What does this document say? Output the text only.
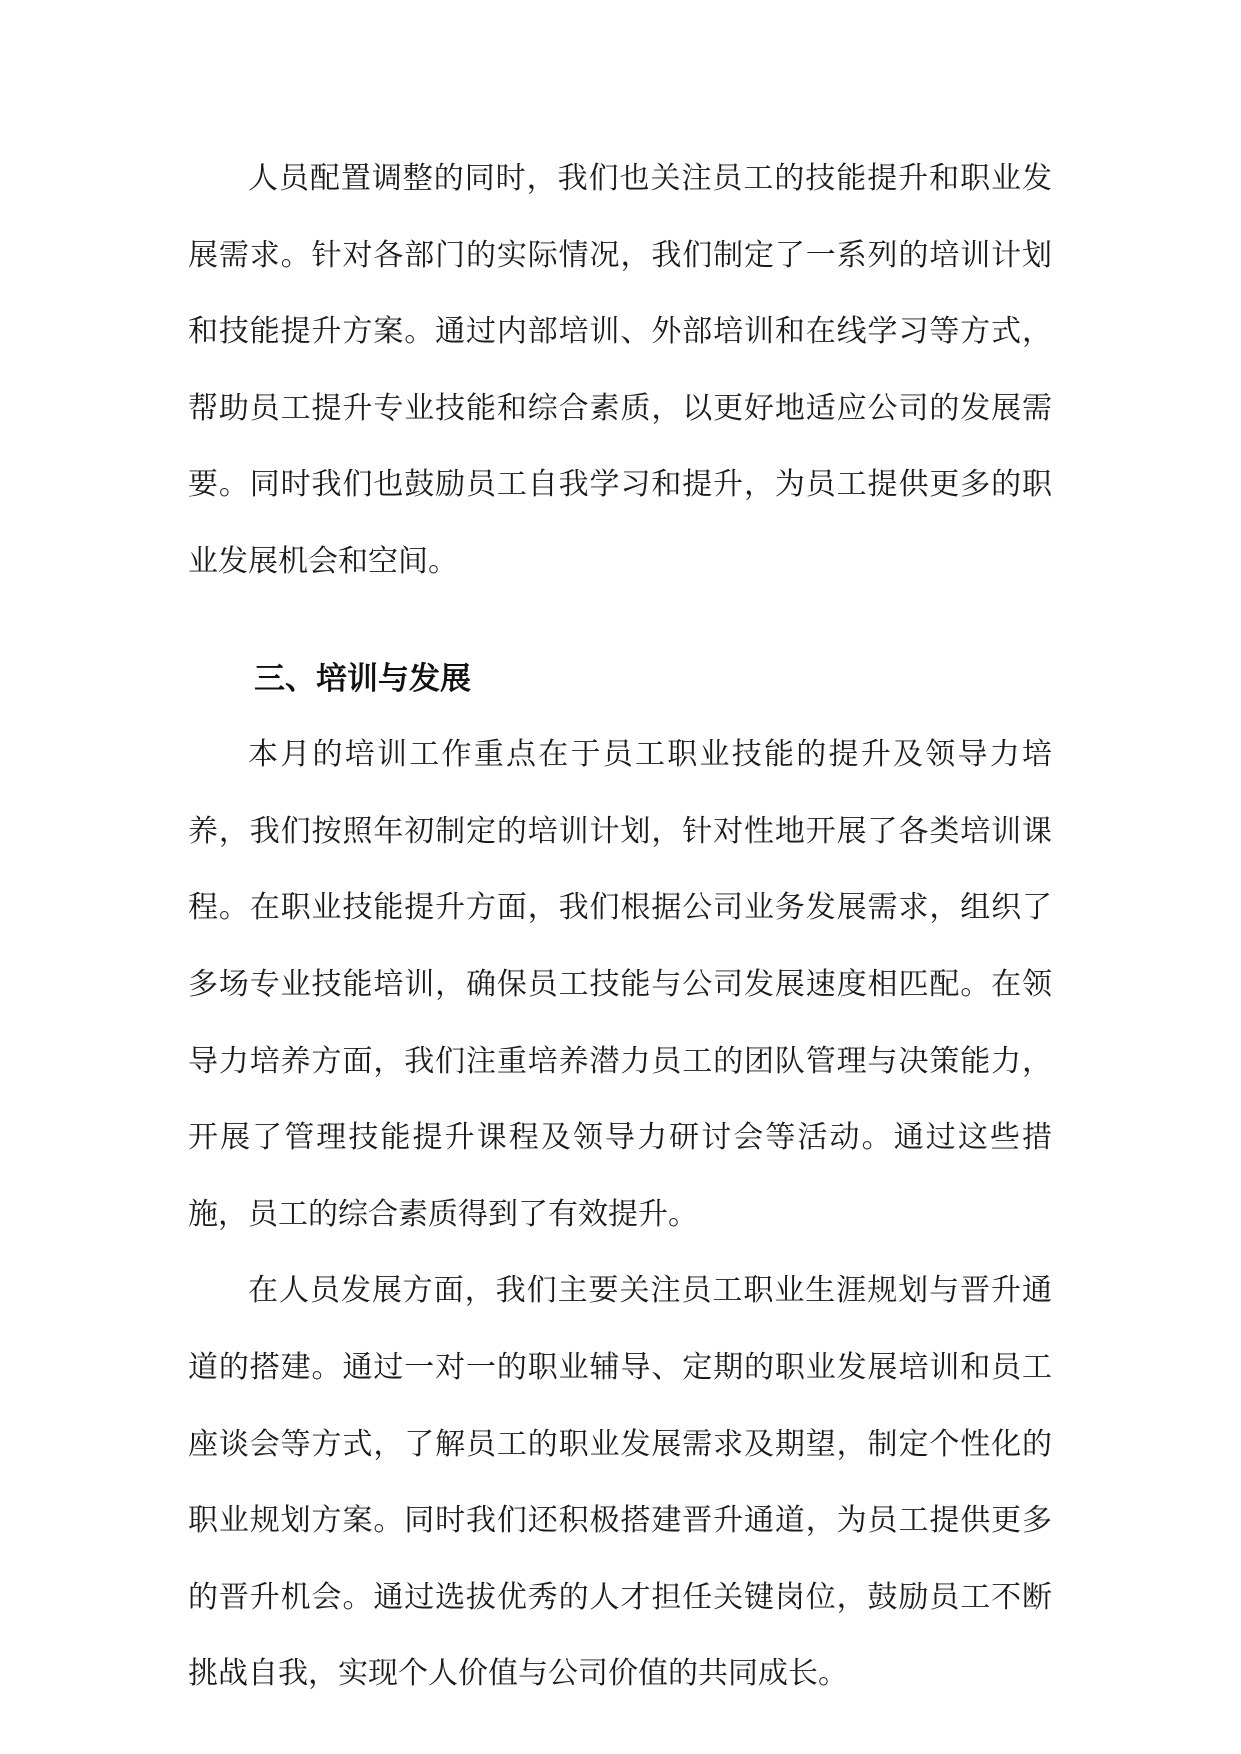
人员配置调整的同时，我们也关注员工的技能提升和职业发展需求。针对各部门的实际情况，我们制定了一系列的培训计划和技能提升方案。通过内部培训、外部培训和在线学习等方式，帮助员工提升专业技能和综合素质，以更好地适应公司的发展需要。同时我们也鼓励员工自我学习和提升，为员工提供更多的职业发展机会和空间。

三、培训与发展

本月的培训工作重点在于员工职业技能的提升及领导力培养，我们按照年初制定的培训计划，针对性地开展了各类培训课程。在职业技能提升方面，我们根据公司业务发展需求，组织了多场专业技能培训，确保员工技能与公司发展速度相匹配。在领导力培养方面，我们注重培养潜力员工的团队管理与决策能力，开展了管理技能提升课程及领导力研讨会等活动。通过这些措施，员工的综合素质得到了有效提升。

在人员发展方面，我们主要关注员工职业生涯规划与晋升通道的搭建。通过一对一的职业辅导、定期的职业发展培训和员工座谈会等方式，了解员工的职业发展需求及期望，制定个性化的职业规划方案。同时我们还积极搭建晋升通道，为员工提供更多的晋升机会。通过选拔优秀的人才担任关键岗位，鼓励员工不断挑战自我，实现个人价值与公司价值的共同成长。
